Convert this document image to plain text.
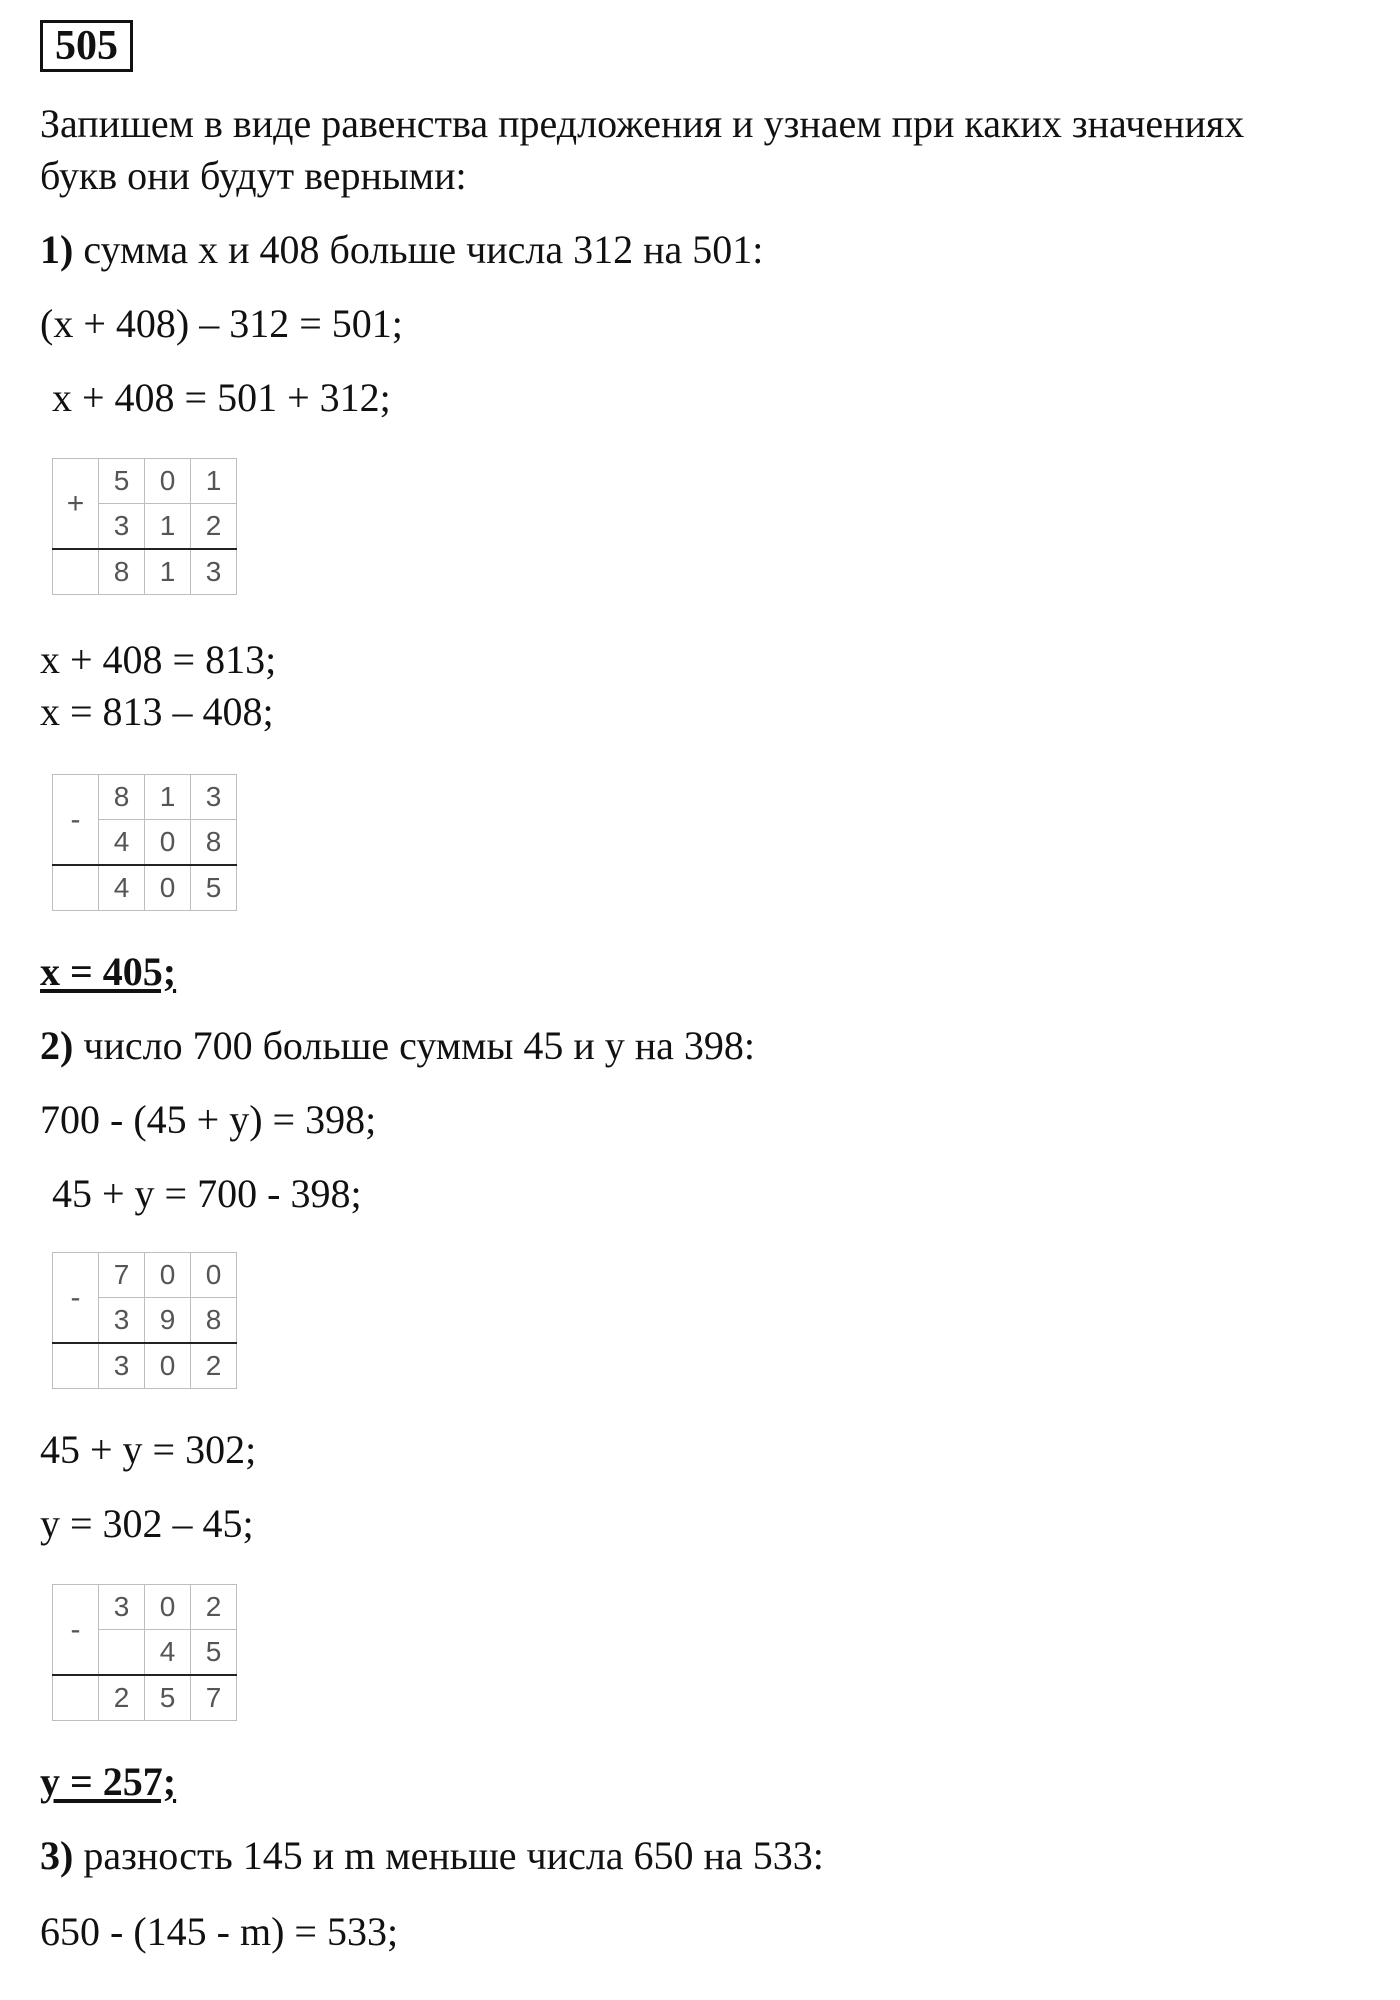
505
Запишем в виде равенства предложения и узнаем при каких значениях
букв они будут верными:
1) сумма х и 408 больше числа 312 на 501:
(х + 408) – 312 = 501;
х + 408 = 501 + 312;
+	5	0	1
	3	1	2
	8	1	3
х + 408 = 813;
х = 813 – 408;
-	8	1	3
	4	0	8
	4	0	5
х = 405;
2) число 700 больше суммы 45 и у на 398:
700 - (45 + у) = 398;
45 + у = 700 - 398;
-	7	0	0
	3	9	8
	3	0	2
45 + у = 302;
у = 302 – 45;
-	3	0	2
		4	5
	2	5	7
у = 257;
3) разность 145 и m меньше числа 650 на 533:
650 - (145 - m) = 533;
